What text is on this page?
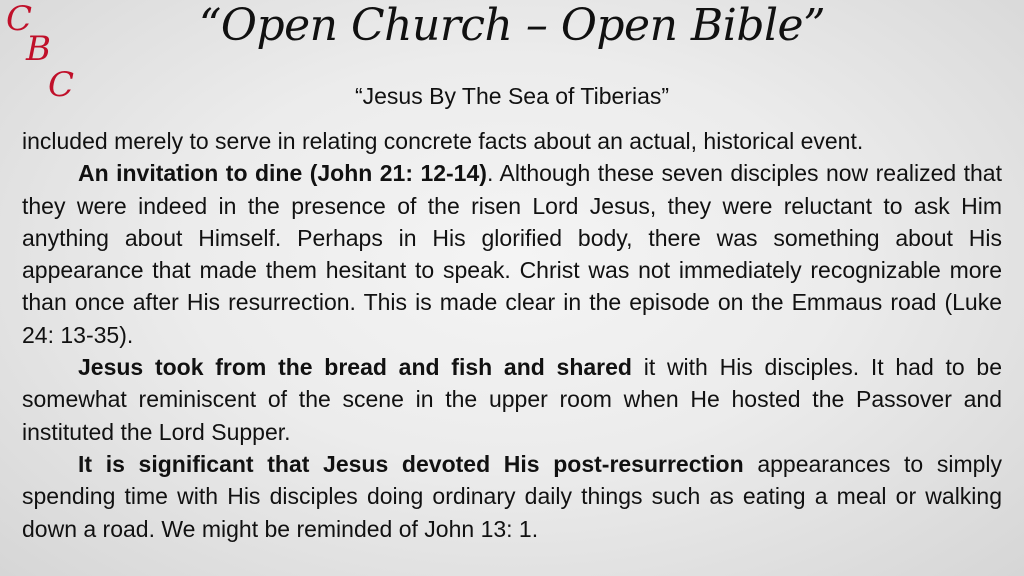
C
B
C
“Open Church – Open Bible”
“Jesus By The Sea of Tiberias”

included merely to serve in relating concrete facts about an actual, historical event.

An invitation to dine (John 21: 12-14). Although these seven disciples now realized that they were indeed in the presence of the risen Lord Jesus, they were reluctant to ask Him anything about Himself. Perhaps in His glorified body, there was something about His appearance that made them hesitant to speak. Christ was not immediately recognizable more than once after His resurrection. This is made clear in the episode on the Emmaus road (Luke 24: 13-35).

Jesus took from the bread and fish and shared it with His disciples. It had to be somewhat reminiscent of the scene in the upper room when He hosted the Passover and instituted the Lord Supper.

It is significant that Jesus devoted His post-resurrection appearances to simply spending time with His disciples doing ordinary daily things such as eating a meal or walking down a road. We might be reminded of John 13: 1.
